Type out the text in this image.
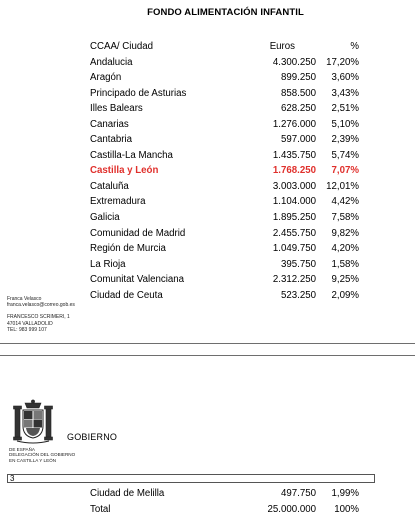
FONDO ALIMENTACIÓN INFANTIL
CCAA/ Ciudad	Euros	%
Andalucia	4.300.250	17,20%
Aragón	899.250	3,60%
Principado de Asturias	858.500	3,43%
Illes Balears	628.250	2,51%
Canarias	1.276.000	5,10%
Cantabria	597.000	2,39%
Castilla-La Mancha	1.435.750	5,74%
Castilla y León	1.768.250	7,07%
Cataluña	3.003.000	12,01%
Extremadura	1.104.000	4,42%
Galicia	1.895.250	7,58%
Comunidad de Madrid	2.455.750	9,82%
Región de Murcia	1.049.750	4,20%
La Rioja	395.750	1,58%
Comunitat Valenciana	2.312.250	9,25%
Ciudad de Ceuta	523.250	2,09%
Franca Velasco
franca.velasco@correo.gob.es
FRANCESCO SCRIMERI, 1
47014 VALLADOLID
TEL: 983 999 107
GOBIERNO
DE ESPAÑA
DELEGACIÓN DEL GOBIERNO
EN CASTILLA Y LEÓN
3
Ciudad de Melilla	497.750	1,99%
Total	25.000.000	100%
